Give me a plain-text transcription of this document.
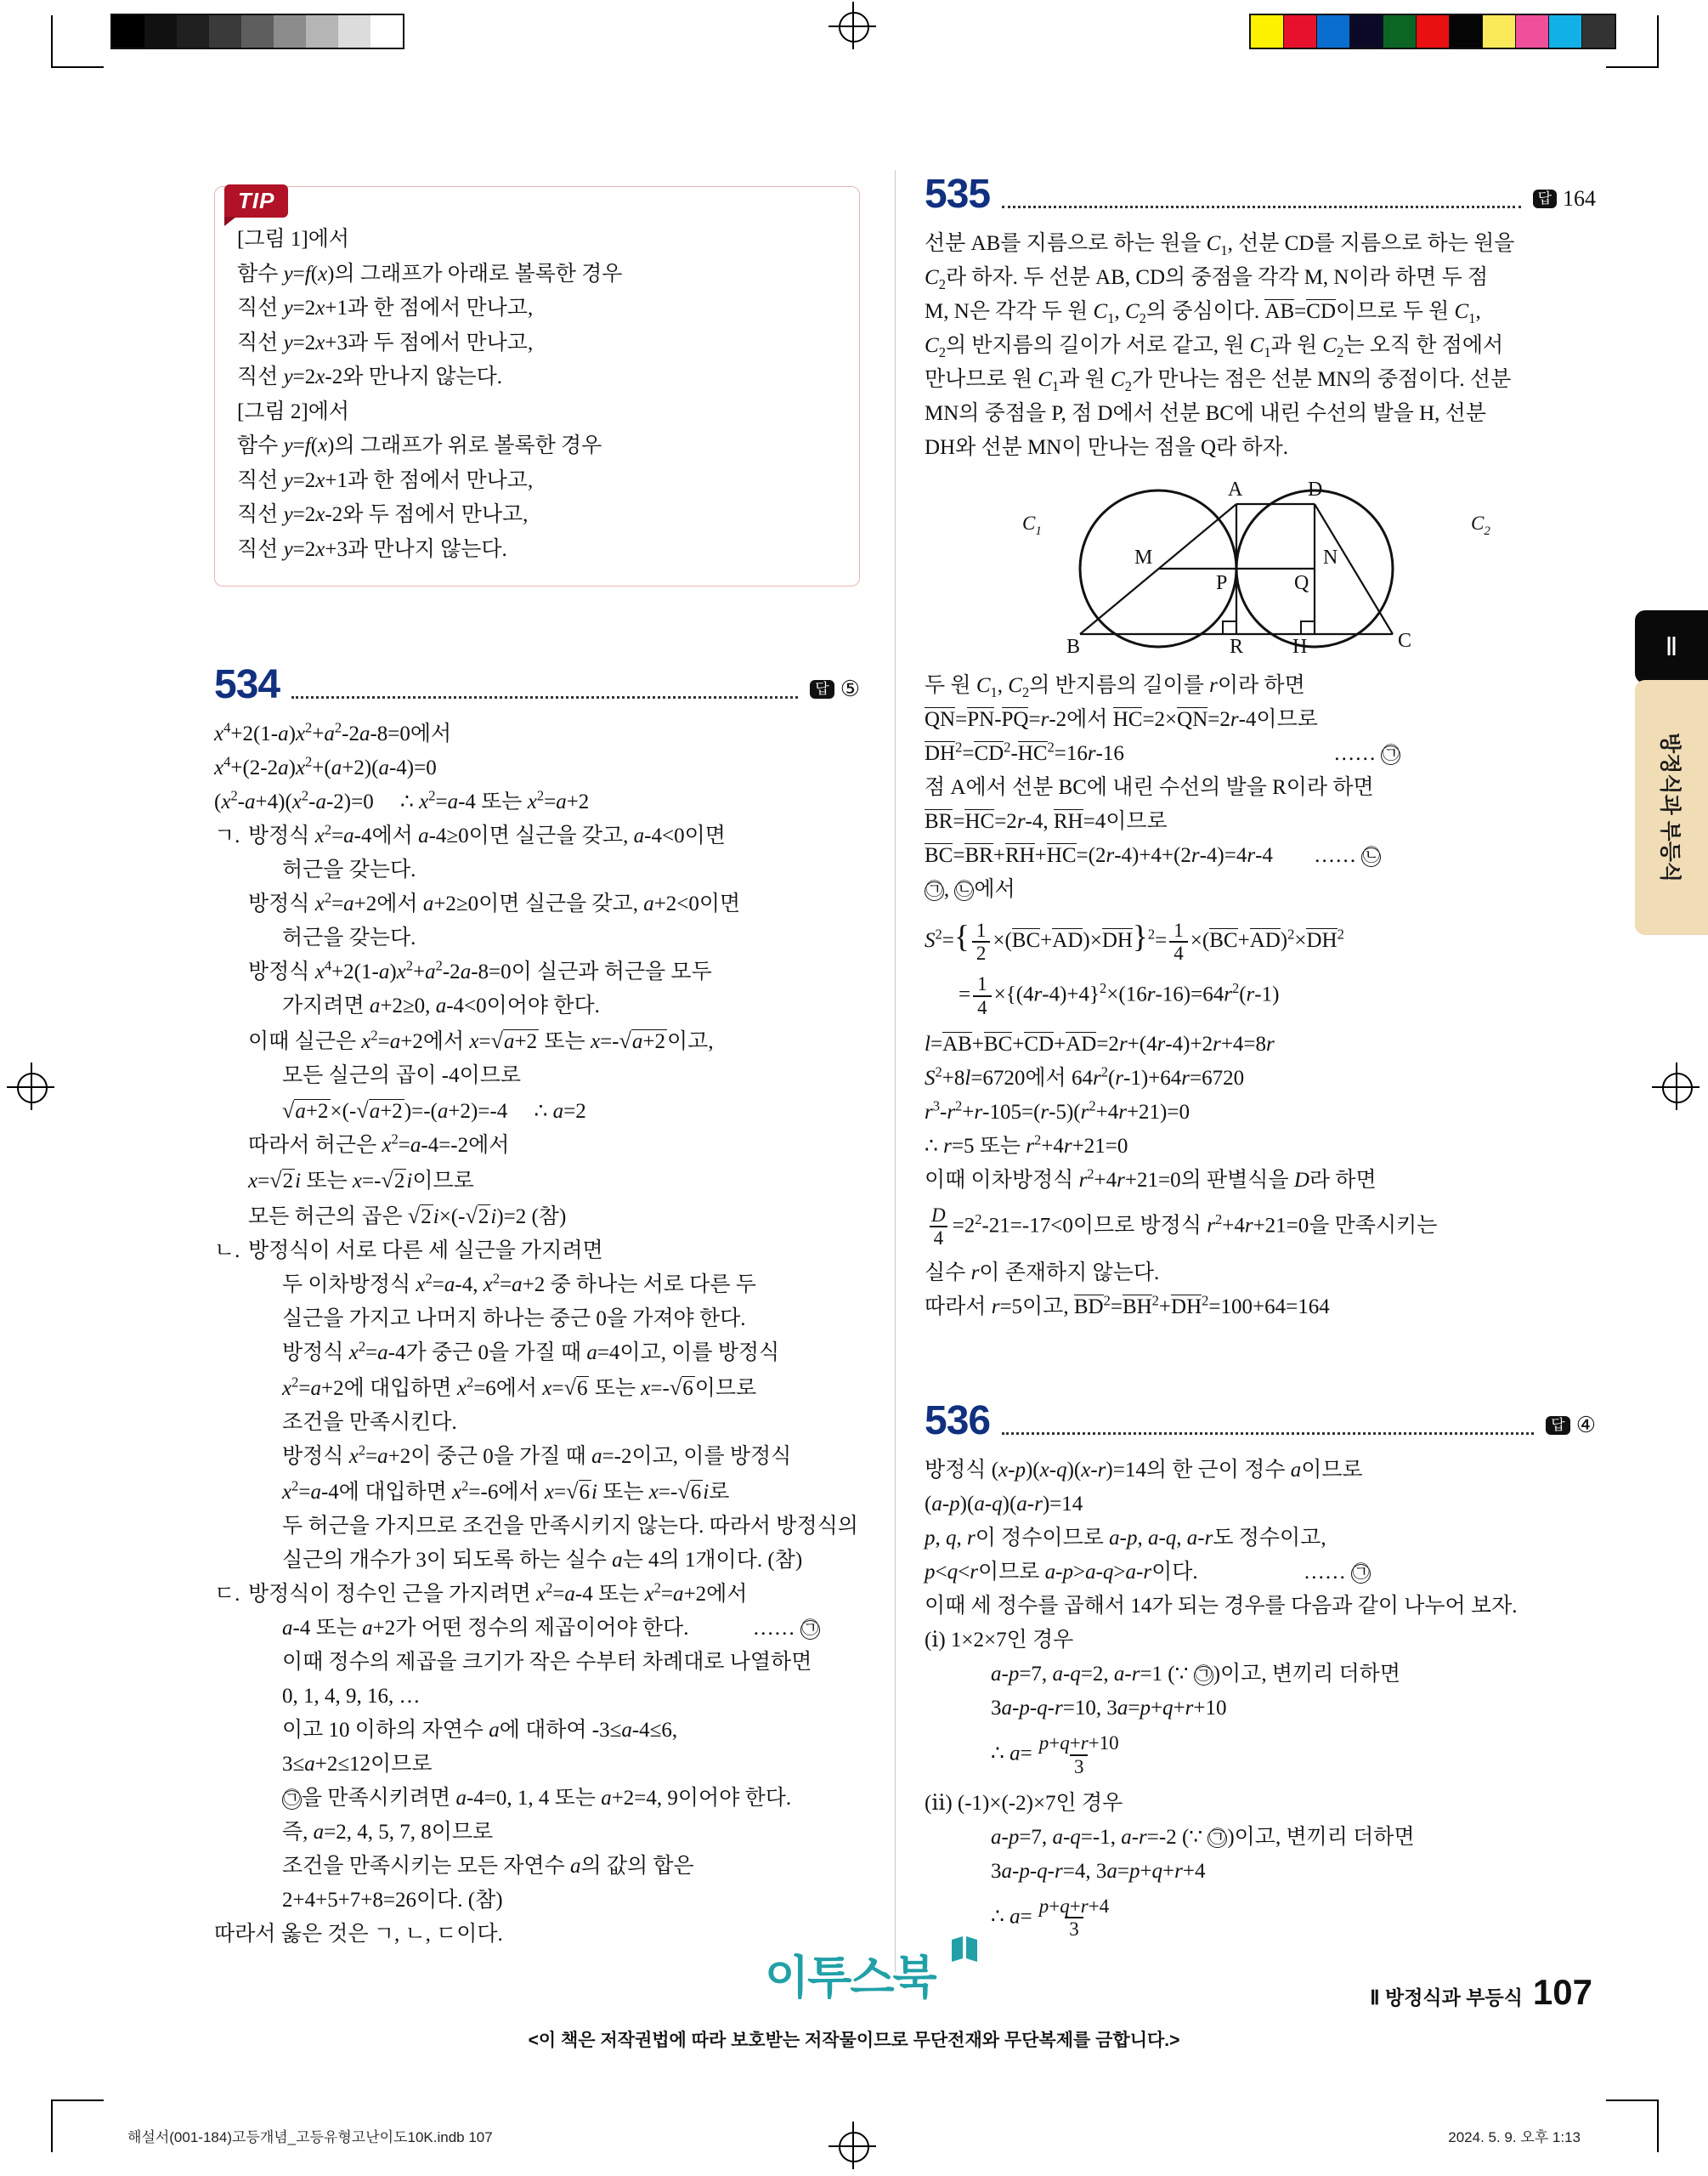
TIP
[그림 1]에서
함수 y=f(x)의 그래프가 아래로 볼록한 경우
직선 y=2x+1과 한 점에서 만나고,
직선 y=2x+3과 두 점에서 만나고,
직선 y=2x-2와 만나지 않는다.
[그림 2]에서
함수 y=f(x)의 그래프가 위로 볼록한 경우
직선 y=2x+1과 한 점에서 만나고,
직선 y=2x-2와 두 점에서 만나고,
직선 y=2x+3과 만나지 않는다.
534	답 ⑤

$x^4+2(1-a)x^2+a^2-2a-8=0$에서

$x^4+(2-2a)x^2+(a+2)(a-4)=0$

$(x^2-a+4)(x^2-a-2)=0$     ∴ $x^2=a-4$ 또는 $x^2=a+2$

ㄱ. 방정식 $x^2=a-4$에서 a-4≥0이면 실근을 갖고, a-4<0이면

허근을 갖는다.

방정식 $x^2=a+2$에서 a+2≥0이면 실근을 갖고, a+2<0이면

허근을 갖는다.

방정식 $x^4+2(1-a)x^2+a^2-2a-8=0$이 실근과 허근을 모두

가지려면 a+2≥0, a-4<0이어야 한다.

이때 실근은 $x^2=a+2$에서 x=√a+2 또는 x=-√a+2이고,

모든 실근의 곱이 -4이므로

√a+2×(-√a+2)=-(a+2)=-4     ∴ a=2

따라서 허근은 $x^2=a-4=-2$에서

x=√2i 또는 x=-√2i이므로

모든 허근의 곱은 √2i×(-√2i)=2 (참)

ㄴ. 방정식이 서로 다른 세 실근을 가지려면

두 이차방정식 $x^2=a-4$, $x^2=a+2$ 중 하나는 서로 다른 두

실근을 가지고 나머지 하나는 중근 0을 가져야 한다.

방정식 $x^2=a-4$가 중근 0을 가질 때 a=4이고, 이를 방정식

$x^2=a+2$에 대입하면 $x^2=6$에서 x=√6 또는 x=-√6이므로

조건을 만족시킨다.

방정식 $x^2=a+2$이 중근 0을 가질 때 a=-2이고, 이를 방정식

$x^2=a-4$에 대입하면 $x^2=-6$에서 x=√6i 또는 x=-√6i로

두 허근을 가지므로 조건을 만족시키지 않는다. 따라서 방정식의

실근의 개수가 3이 되도록 하는 실수 a는 4의 1개이다. (참)

ㄷ. 방정식이 정수인 근을 가지려면 $x^2=a-4$ 또는 $x^2=a+2$에서

a-4 또는 a+2가 어떤 정수의 제곱이어야 한다.     …… ㉠

이때 정수의 제곱을 크기가 작은 수부터 차례대로 나열하면

0, 1, 4, 9, 16, …

이고 10 이하의 자연수 a에 대하여 -3≤a-4≤6,

3≤a+2≤12이므로

㉠을 만족시키려면 a-4=0, 1, 4 또는 a+2=4, 9이어야 한다.

즉, a=2, 4, 5, 7, 8이므로

조건을 만족시키는 모든 자연수 a의 값의 합은

2+4+5+7+8=26이다. (참)

따라서 옳은 것은 ㄱ, ㄴ, ㄷ이다.

535	답 164

선분 AB를 지름으로 하는 원을 $C_1$, 선분 CD를 지름으로 하는 원을

$C_2$라 하자. 두 선분 AB, CD의 중점을 각각 M, N이라 하면 두 점

M, N은 각각 두 원 $C_1$, $C_2$의 중심이다. AB=CD이므로 두 원 $C_1$,

$C_2$의 반지름의 길이가 서로 같고, 원 $C_1$과 원 $C_2$는 오직 한 점에서

만나므로 원 $C_1$과 원 $C_2$가 만나는 점은 선분 MN의 중점이다. 선분

MN의 중점을 P, 점 D에서 선분 BC에 내린 수선의 발을 H, 선분

DH와 선분 MN이 만나는 점을 Q라 하자.

$C_1$	$C_2$
A	D
M	N
P	Q
B	R H	C

두 원 $C_1$, $C_2$의 반지름의 길이를 r이라 하면

QN=PN-PQ=r-2에서 HC=2×QN=2r-4이므로

$DH^2=CD^2-HC^2=16r-16$	…… ㉠

점 A에서 선분 BC에 내린 수선의 발을 R이라 하면

BR=HC=2r-4, RH=4이므로

BC=BR+RH+HC=(2r-4)+4+(2r-4)=4r-4 …… ㉡

㉠, ㉡에서

$S^2=\{ \frac{1}{2} \times(BC+AD)\times DH\}^2= \frac{1}{4} \times(BC+AD)^2\times DH^2$

= $\frac{1}{4} \times\{(4r-4)+4\}^2\times(16r-16)=64r^2(r-1)$

l=AB+BC+CD+AD=2r+(4r-4)+2r+4=8r

$S^2+8l=6720$에서 $64r^2(r-1)+64r=6720$

$r^3-r^2+r-105=(r-5)(r^2+4r+21)=0$

∴ r=5 또는 $r^2+4r+21=0$

이때 이차방정식 $r^2+4r+21=0$의 판별식을 D라 하면

$\frac{D}{4} =2^2-21=-17<0$이므로 방정식 $r^2+4r+21=0$을 만족시키는

실수 r이 존재하지 않는다.

따라서 r=5이고, $BD^2=BH^2+DH^2=100+64=164$

536	답 ④

방정식 (x-p)(x-q)(x-r)=14의 한 근이 정수 a이므로

(a-p)(a-q)(a-r)=14

p, q, r이 정수이므로 a-p, a-q, a-r도 정수이고,

p<q<r이므로 a-p>a-q>a-r이다.	…… ㉠

이때 세 정수를 곱해서 14가 되는 경우를 다음과 같이 나누어 보자.

(ⅰ) 1×2×7인 경우

a-p=7, a-q=2, a-r=1 (∵ ㉠)이고, 변끼리 더하면

3a-p-q-r=10, 3a=p+q+r+10

∴ $a= \frac{p+q+r+10}{3}$

(ⅱ) (-1)×(-2)×7인 경우

a-p=7, a-q=-1, a-r=-2 (∵ ㉠)이고, 변끼리 더하면

3a-p-q-r=4, 3a=p+q+r+4

∴ $a= \frac{p+q+r+4}{3}$

Ⅱ
방정식과 부등식
이투스북	Ⅱ 방정식과 부등식 107
<이 책은 저작권법에 따라 보호받는 저작물이므로 무단전재와 무단복제를 금합니다.>
해설서(001-184)고등개념_고등유형고난이도10K.indb 107	2024. 5. 9. 오후 1:13
